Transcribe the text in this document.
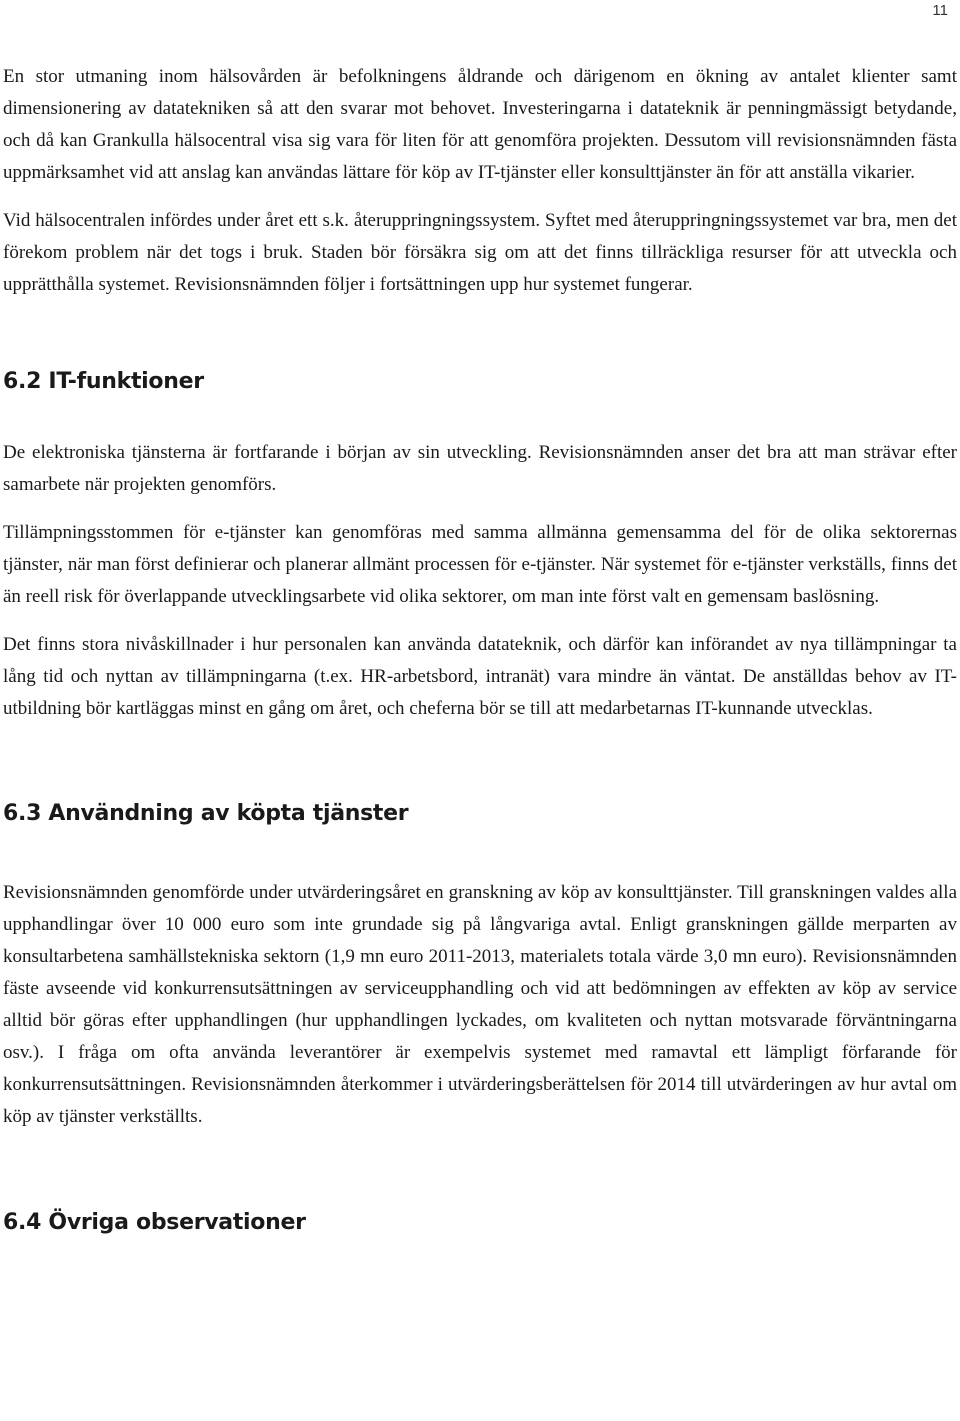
11

En stor utmaning inom hälsovården är befolkningens åldrande och därigenom en ökning av antalet klienter samt dimensionering av datatekniken så att den svarar mot behovet. Investeringarna i datateknik är penningmässigt betydande, och då kan Grankulla hälsocentral visa sig vara för liten för att genomföra projekten. Dessutom vill revisionsnämnden fästa uppmärksamhet vid att anslag kan användas lättare för köp av IT-tjänster eller konsulttjänster än för att anställa vikarier.

Vid hälsocentralen infördes under året ett s.k. återuppringningssystem. Syftet med återuppringningssystemet var bra, men det förekom problem när det togs i bruk. Staden bör försäkra sig om att det finns tillräckliga resurser för att utveckla och upprätthålla systemet. Revisionsnämnden följer i fortsättningen upp hur systemet fungerar.

6.2 IT-funktioner

De elektroniska tjänsterna är fortfarande i början av sin utveckling. Revisionsnämnden anser det bra att man strävar efter samarbete när projekten genomförs.

Tillämpningsstommen för e-tjänster kan genomföras med samma allmänna gemensamma del för de olika sektorernas tjänster, när man först definierar och planerar allmänt processen för e-tjänster. När systemet för e-tjänster verkställs, finns det än reell risk för överlappande utvecklingsarbete vid olika sektorer, om man inte först valt en gemensam baslösning.

Det finns stora nivåskillnader i hur personalen kan använda datateknik, och därför kan införandet av nya tillämpningar ta lång tid och nyttan av tillämpningarna (t.ex. HR-arbetsbord, intranät) vara mindre än väntat. De anställdas behov av IT-utbildning bör kartläggas minst en gång om året, och cheferna bör se till att medarbetarnas IT-kunnande utvecklas.

6.3 Användning av köpta tjänster

Revisionsnämnden genomförde under utvärderingsåret en granskning av köp av konsulttjänster. Till granskningen valdes alla upphandlingar över 10 000 euro som inte grundade sig på långvariga avtal. Enligt granskningen gällde merparten av konsultarbetena samhällstekniska sektorn (1,9 mn euro 2011-2013, materialets totala värde 3,0 mn euro). Revisionsnämnden fäste avseende vid konkurrensutsättningen av serviceupphandling och vid att bedömningen av effekten av köp av service alltid bör göras efter upphandlingen (hur upphandlingen lyckades, om kvaliteten och nyttan motsvarade förväntningarna osv.). I fråga om ofta använda leverantörer är exempelvis systemet med ramavtal ett lämpligt förfarande för konkurrensutsättningen. Revisionsnämnden återkommer i utvärderingsberättelsen för 2014 till utvärderingen av hur avtal om köp av tjänster verkställts.

6.4 Övriga observationer
